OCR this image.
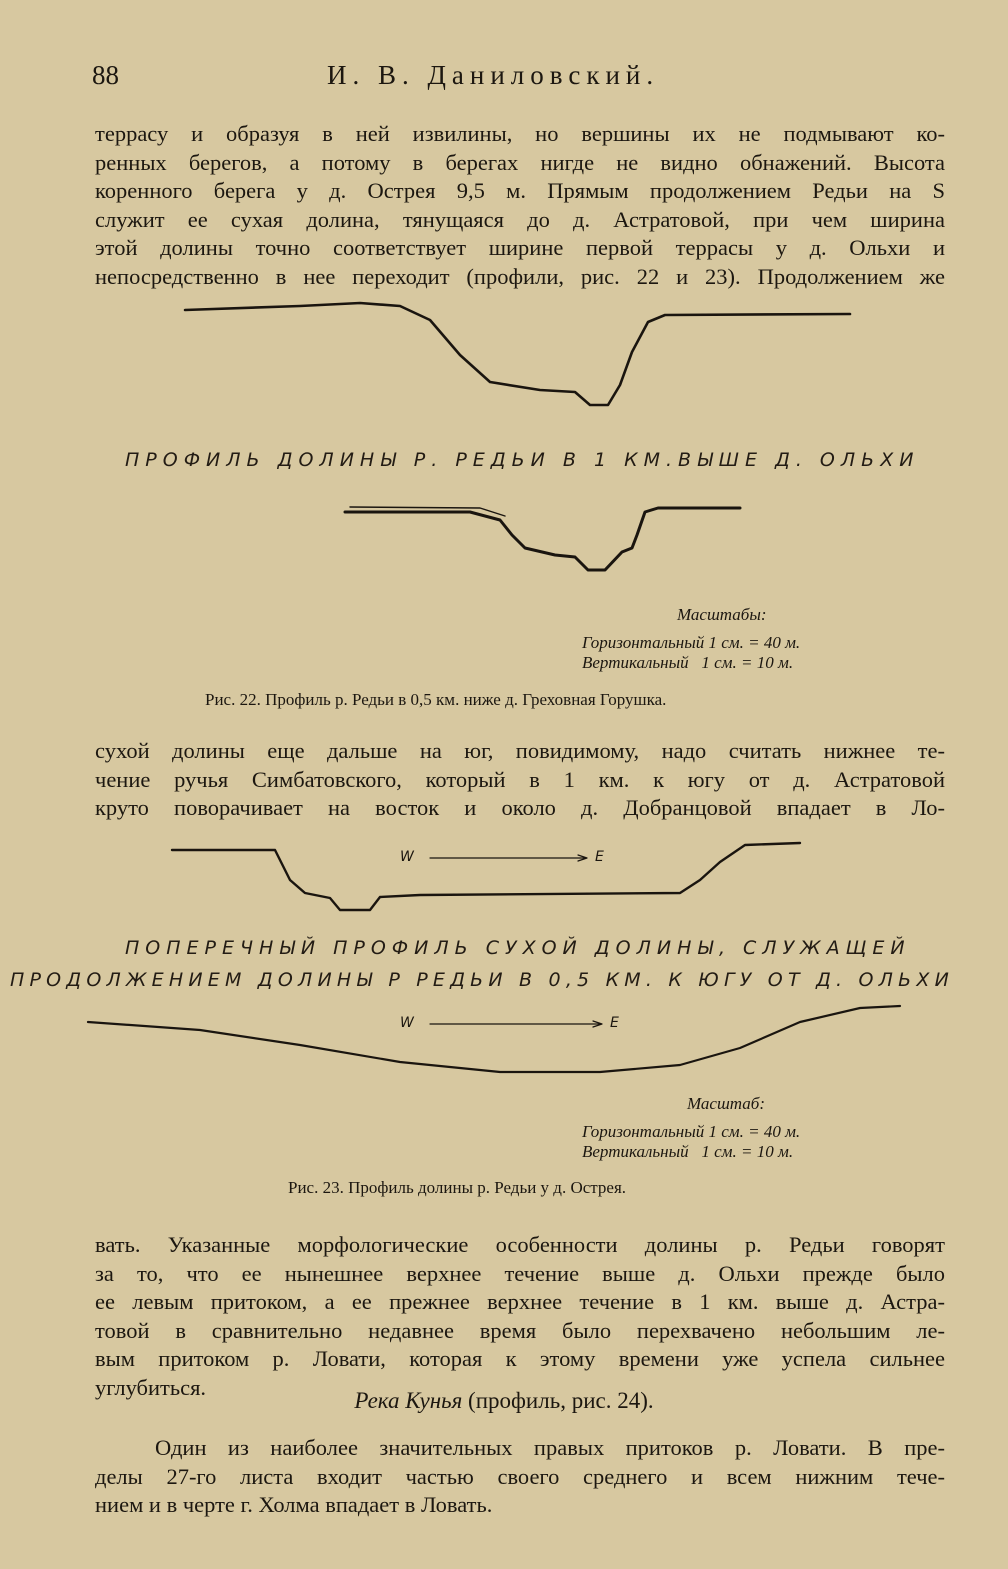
88	И. В. Даниловский.
террасу и образуя в ней извилины, но вершины их не подмывают ко-
ренных берегов, а потому в берегах нигде не видно обнажений. Высота
коренного берега у д. Острея 9,5 м. Прямым продолжением Редьи на S
служит ее сухая долина, тянущаяся до д. Астратовой, при чем ширина
этой долины точно соответствует ширине первой террасы у д. Ольхи и
непосредственно в нее переходит (профили, рис. 22 и 23). Продолжением же
ПРОФИЛЬ ДОЛИНЫ Р. РЕДЬИ В 1 КМ.ВЫШЕ Д. ОЛЬХИ
Масштабы:
Горизонтальный 1 см. = 40 м.
Вертикальный   1 см. = 10 м.
Рис. 22. Профиль р. Редьи в 0,5 км. ниже д. Греховная Горушка.
сухой долины еще дальше на юг, повидимому, надо считать нижнее те-
чение ручья Симбатовского, который в 1 км. к югу от д. Астратовой
круто поворачивает на восток и около д. Добранцовой впадает в Ло-
W	E
ПОПЕРЕЧНЫЙ ПРОФИЛЬ СУХОЙ ДОЛИНЫ, СЛУЖАЩЕЙ
ПРОДОЛЖЕНИЕМ ДОЛИНЫ Р РЕДЬИ В 0,5 КМ. К ЮГУ ОТ Д. ОЛЬХИ
W	E
Масштаб:
Горизонтальный 1 см. = 40 м.
Вертикальный   1 см. = 10 м.
Рис. 23. Профиль долины р. Редьи у д. Острея.
вать. Указанные морфологические особенности долины р. Редьи говорят
за то, что ее нынешнее верхнее течение выше д. Ольхи прежде было
ее левым притоком, а ее прежнее верхнее течение в 1 км. выше д. Астра-
товой в сравнительно недавнее время было перехвачено небольшим ле-
вым притоком р. Ловати, которая к этому времени уже успела сильнее
углубиться.
Река Кунья (профиль, рис. 24).
Один из наиболее значительных правых притоков р. Ловати. В пре-
делы 27-го листа входит частью своего среднего и всем нижним тече-
нием и в черте г. Холма впадает в Ловать.
